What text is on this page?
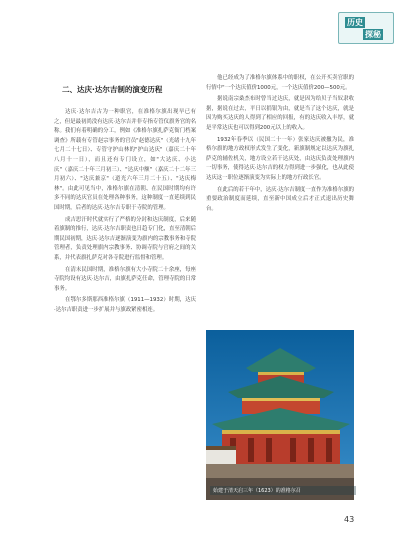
历史
探秘
二、达庆·达尔吉制的演变历程

达庆·达尔吉古为一种职官，在准格尔旗出现早已有之，但是最初尚没有达庆·达尔吉并非专指专管仪旗务官的名称。我们有着明确的分工，例如《准格尔旗扎萨克衙门档案调查》所载有专管赵宗事务的官员"赵德达庆"（光绪十九年七月二十七日）、专管守护山林的"护山达庆"（嘉庆二十年八月十一日），而且还有专门设立，如"大达庆、小达庆"（嘉庆二十年三月初三）、"达庆中额"（嘉庆二十二年三月初六）、"达庆兼京"（道光六年三月二十五）、"达庆梅林"。由此可见当中，准格尔旗在清朝、在民国时期均有许多不同的达庆官员在处理各种事务，这种制度一直延续到民国时期，后者的达庆·达尔吉专职于寺院的管理。

成吉思汗时代就实行了严格的分封和达庆制度，后来随着旗制的推行，达庆·达尔吉职责也日趋专门化，直至清朝后期民国初期，达庆·达尔吉逐渐演变为旗内的宗教事务和寺院管理者，负责处理旗内宗教事务、协调寺院与官府之间的关系，并代表旗扎萨克对各寺院进行监督和管理。

在清末民国时期，准格尔旗有大小寺院二十余座，每座寺院均设有达庆·达尔吉，由旗扎萨克任命，管理寺院的日常事务。

在鄂尔多斯那西准格尔旗（1911—1932）时期，达庆·达尔吉职责进一步扩展并与旗政紧密相连。

他已经成为了准格尔旗体系中的职权，在公开买卖官职的行情中"一个达庆值价1000元，一个达庆值价200—500元。

据说南宗桑杰布时曾当过达庆，就是因为给贝子当奴隶收据，据说在过去，平日以捐银为由，就是当了这个达庆，就是因为购买达庆的人得到了相应的回报，有的达庆收入丰厚，就是平常达庆也可以得到200元以上的收入。

1932年春季以（民国二十一年）张家达庆被撤为民，准格尔旗的地方政权形式发生了变化，新旗制规定以达庆为旗扎萨克的辅佐机关，地方设立若干达庆处，由达庆负责处理旗内一切事务，使得达庆·达尔吉的权力得到进一步强化，也从此使达庆这一职位逐渐演变为实际上的地方行政长官。

在此后的若干年中，达庆·达尔吉制度一直作为准格尔旗的重要政治制度而延续，直至新中国成立后才正式退出历史舞台。

始建于清天启三年（1623）的准格尔召
43
